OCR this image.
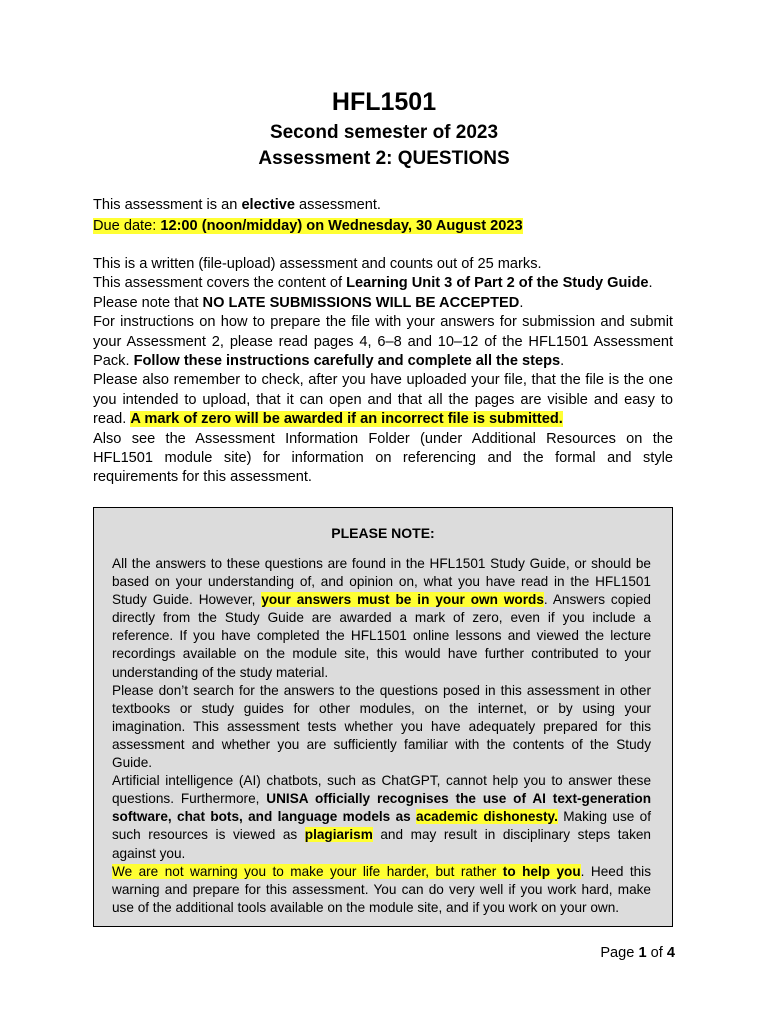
HFL1501
Second semester of 2023
Assessment 2: QUESTIONS
This assessment is an elective assessment.
Due date: 12:00 (noon/midday) on Wednesday, 30 August 2023
This is a written (file-upload) assessment and counts out of 25 marks.
This assessment covers the content of Learning Unit 3 of Part 2 of the Study Guide.
Please note that NO LATE SUBMISSIONS WILL BE ACCEPTED.
For instructions on how to prepare the file with your answers for submission and submit your Assessment 2, please read pages 4, 6–8 and 10–12 of the HFL1501 Assessment Pack. Follow these instructions carefully and complete all the steps.
Please also remember to check, after you have uploaded your file, that the file is the one you intended to upload, that it can open and that all the pages are visible and easy to read. A mark of zero will be awarded if an incorrect file is submitted.
Also see the Assessment Information Folder (under Additional Resources on the HFL1501 module site) for information on referencing and the formal and style requirements for this assessment.
PLEASE NOTE:
All the answers to these questions are found in the HFL1501 Study Guide, or should be based on your understanding of, and opinion on, what you have read in the HFL1501 Study Guide. However, your answers must be in your own words. Answers copied directly from the Study Guide are awarded a mark of zero, even if you include a reference. If you have completed the HFL1501 online lessons and viewed the lecture recordings available on the module site, this would have further contributed to your understanding of the study material.
Please don’t search for the answers to the questions posed in this assessment in other textbooks or study guides for other modules, on the internet, or by using your imagination. This assessment tests whether you have adequately prepared for this assessment and whether you are sufficiently familiar with the contents of the Study Guide.
Artificial intelligence (AI) chatbots, such as ChatGPT, cannot help you to answer these questions. Furthermore, UNISA officially recognises the use of AI text-generation software, chat bots, and language models as academic dishonesty. Making use of such resources is viewed as plagiarism and may result in disciplinary steps taken against you.
We are not warning you to make your life harder, but rather to help you. Heed this warning and prepare for this assessment. You can do very well if you work hard, make use of the additional tools available on the module site, and if you work on your own.
Page 1 of 4
